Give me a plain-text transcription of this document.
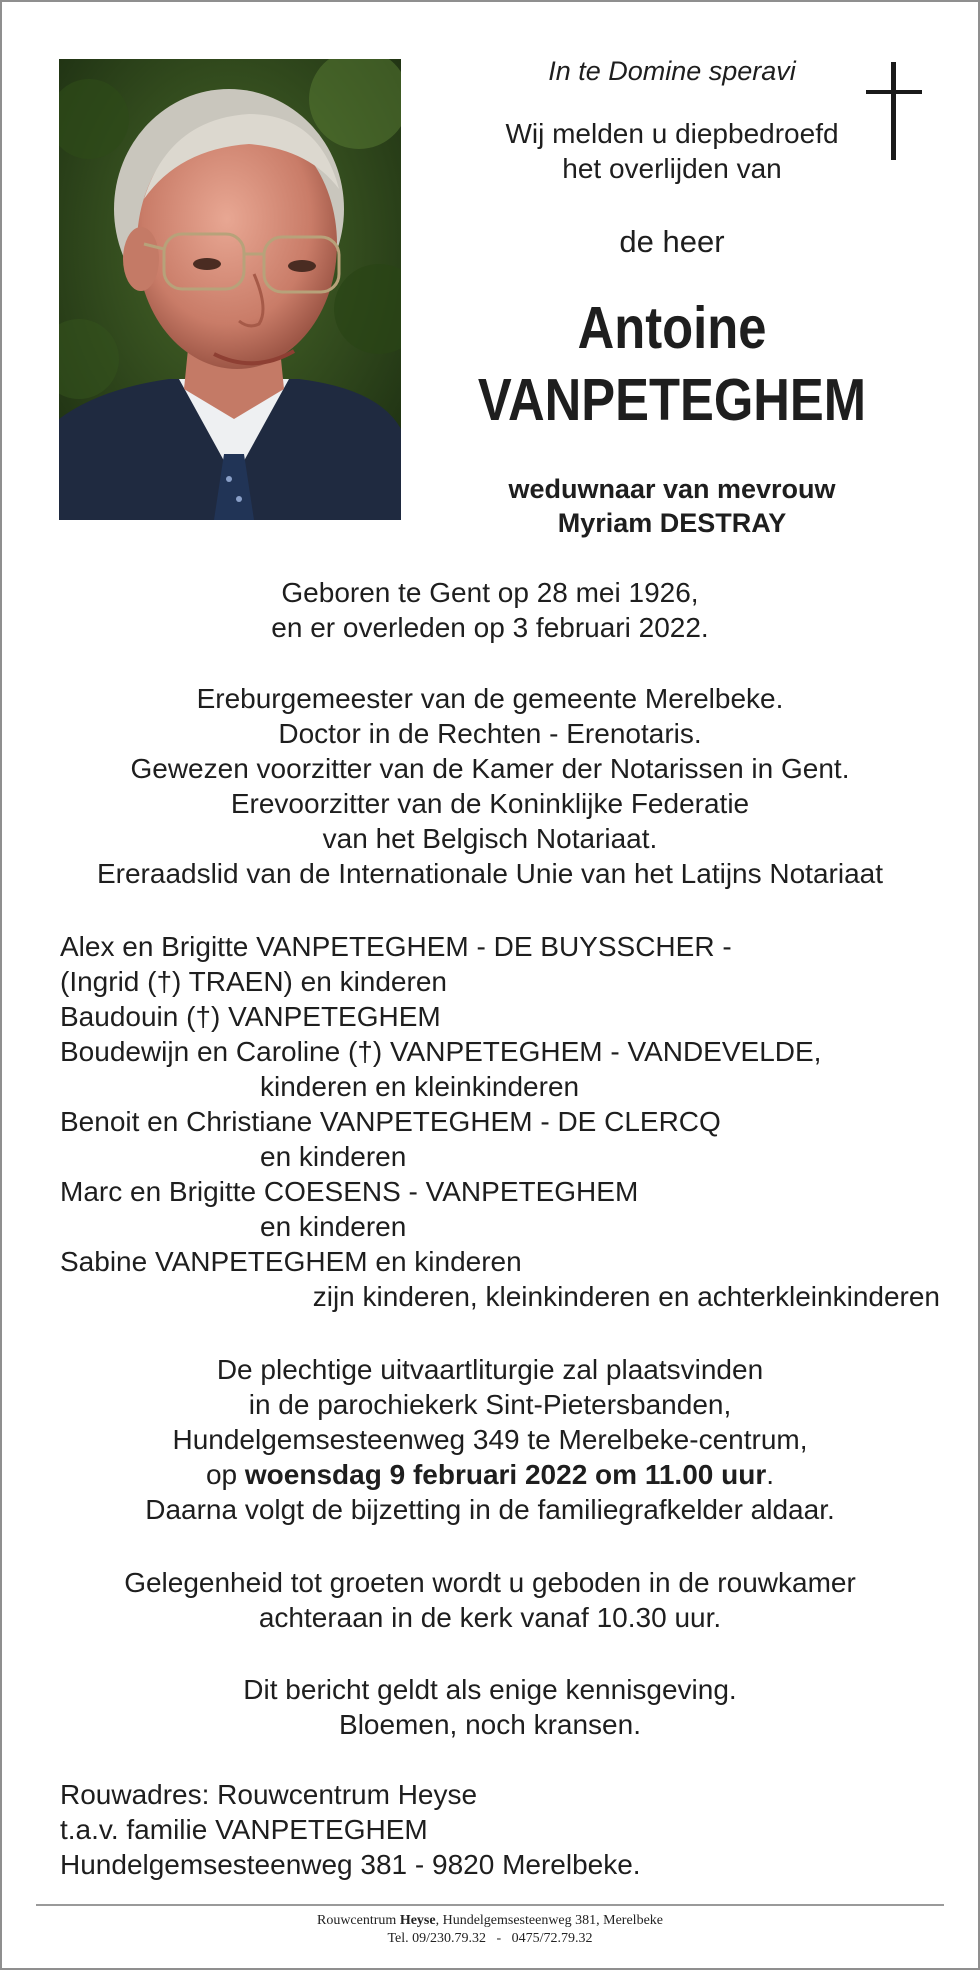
In te Domine speravi
Wij melden u diepbedroefd
het overlijden van
de heer
Antoine
VANPETEGHEM
weduwnaar van mevrouw
Myriam DESTRAY
Geboren te Gent op 28 mei 1926,
en er overleden op 3 februari 2022.
Ereburgemeester van de gemeente Merelbeke.
Doctor in de Rechten - Erenotaris.
Gewezen voorzitter van de Kamer der Notarissen in Gent.
Erevoorzitter van de Koninklijke Federatie
van het Belgisch Notariaat.
Ereraadslid van de Internationale Unie van het Latijns Notariaat
Alex en Brigitte VANPETEGHEM - DE BUYSSCHER -
(Ingrid (†) TRAEN) en kinderen
Baudouin (†) VANPETEGHEM
Boudewijn en Caroline (†) VANPETEGHEM - VANDEVELDE,
kinderen en kleinkinderen
Benoit en Christiane VANPETEGHEM - DE CLERCQ
en kinderen
Marc en Brigitte COESENS - VANPETEGHEM
en kinderen
Sabine VANPETEGHEM en kinderen
zijn kinderen, kleinkinderen en achterkleinkinderen
De plechtige uitvaartliturgie zal plaatsvinden
in de parochiekerk Sint-Pietersbanden,
Hundelgemsesteenweg 349 te Merelbeke-centrum,
op woensdag 9 februari 2022 om 11.00 uur.
Daarna volgt de bijzetting in de familiegrafkelder aldaar.
Gelegenheid tot groeten wordt u geboden in de rouwkamer
achteraan in de kerk vanaf 10.30 uur.
Dit bericht geldt als enige kennisgeving.
Bloemen, noch kransen.
Rouwadres: Rouwcentrum Heyse
t.a.v. familie VANPETEGHEM
Hundelgemsesteenweg 381 - 9820 Merelbeke.
Rouwcentrum Heyse, Hundelgemsesteenweg 381, Merelbeke
Tel. 09/230.79.32   -   0475/72.79.32
